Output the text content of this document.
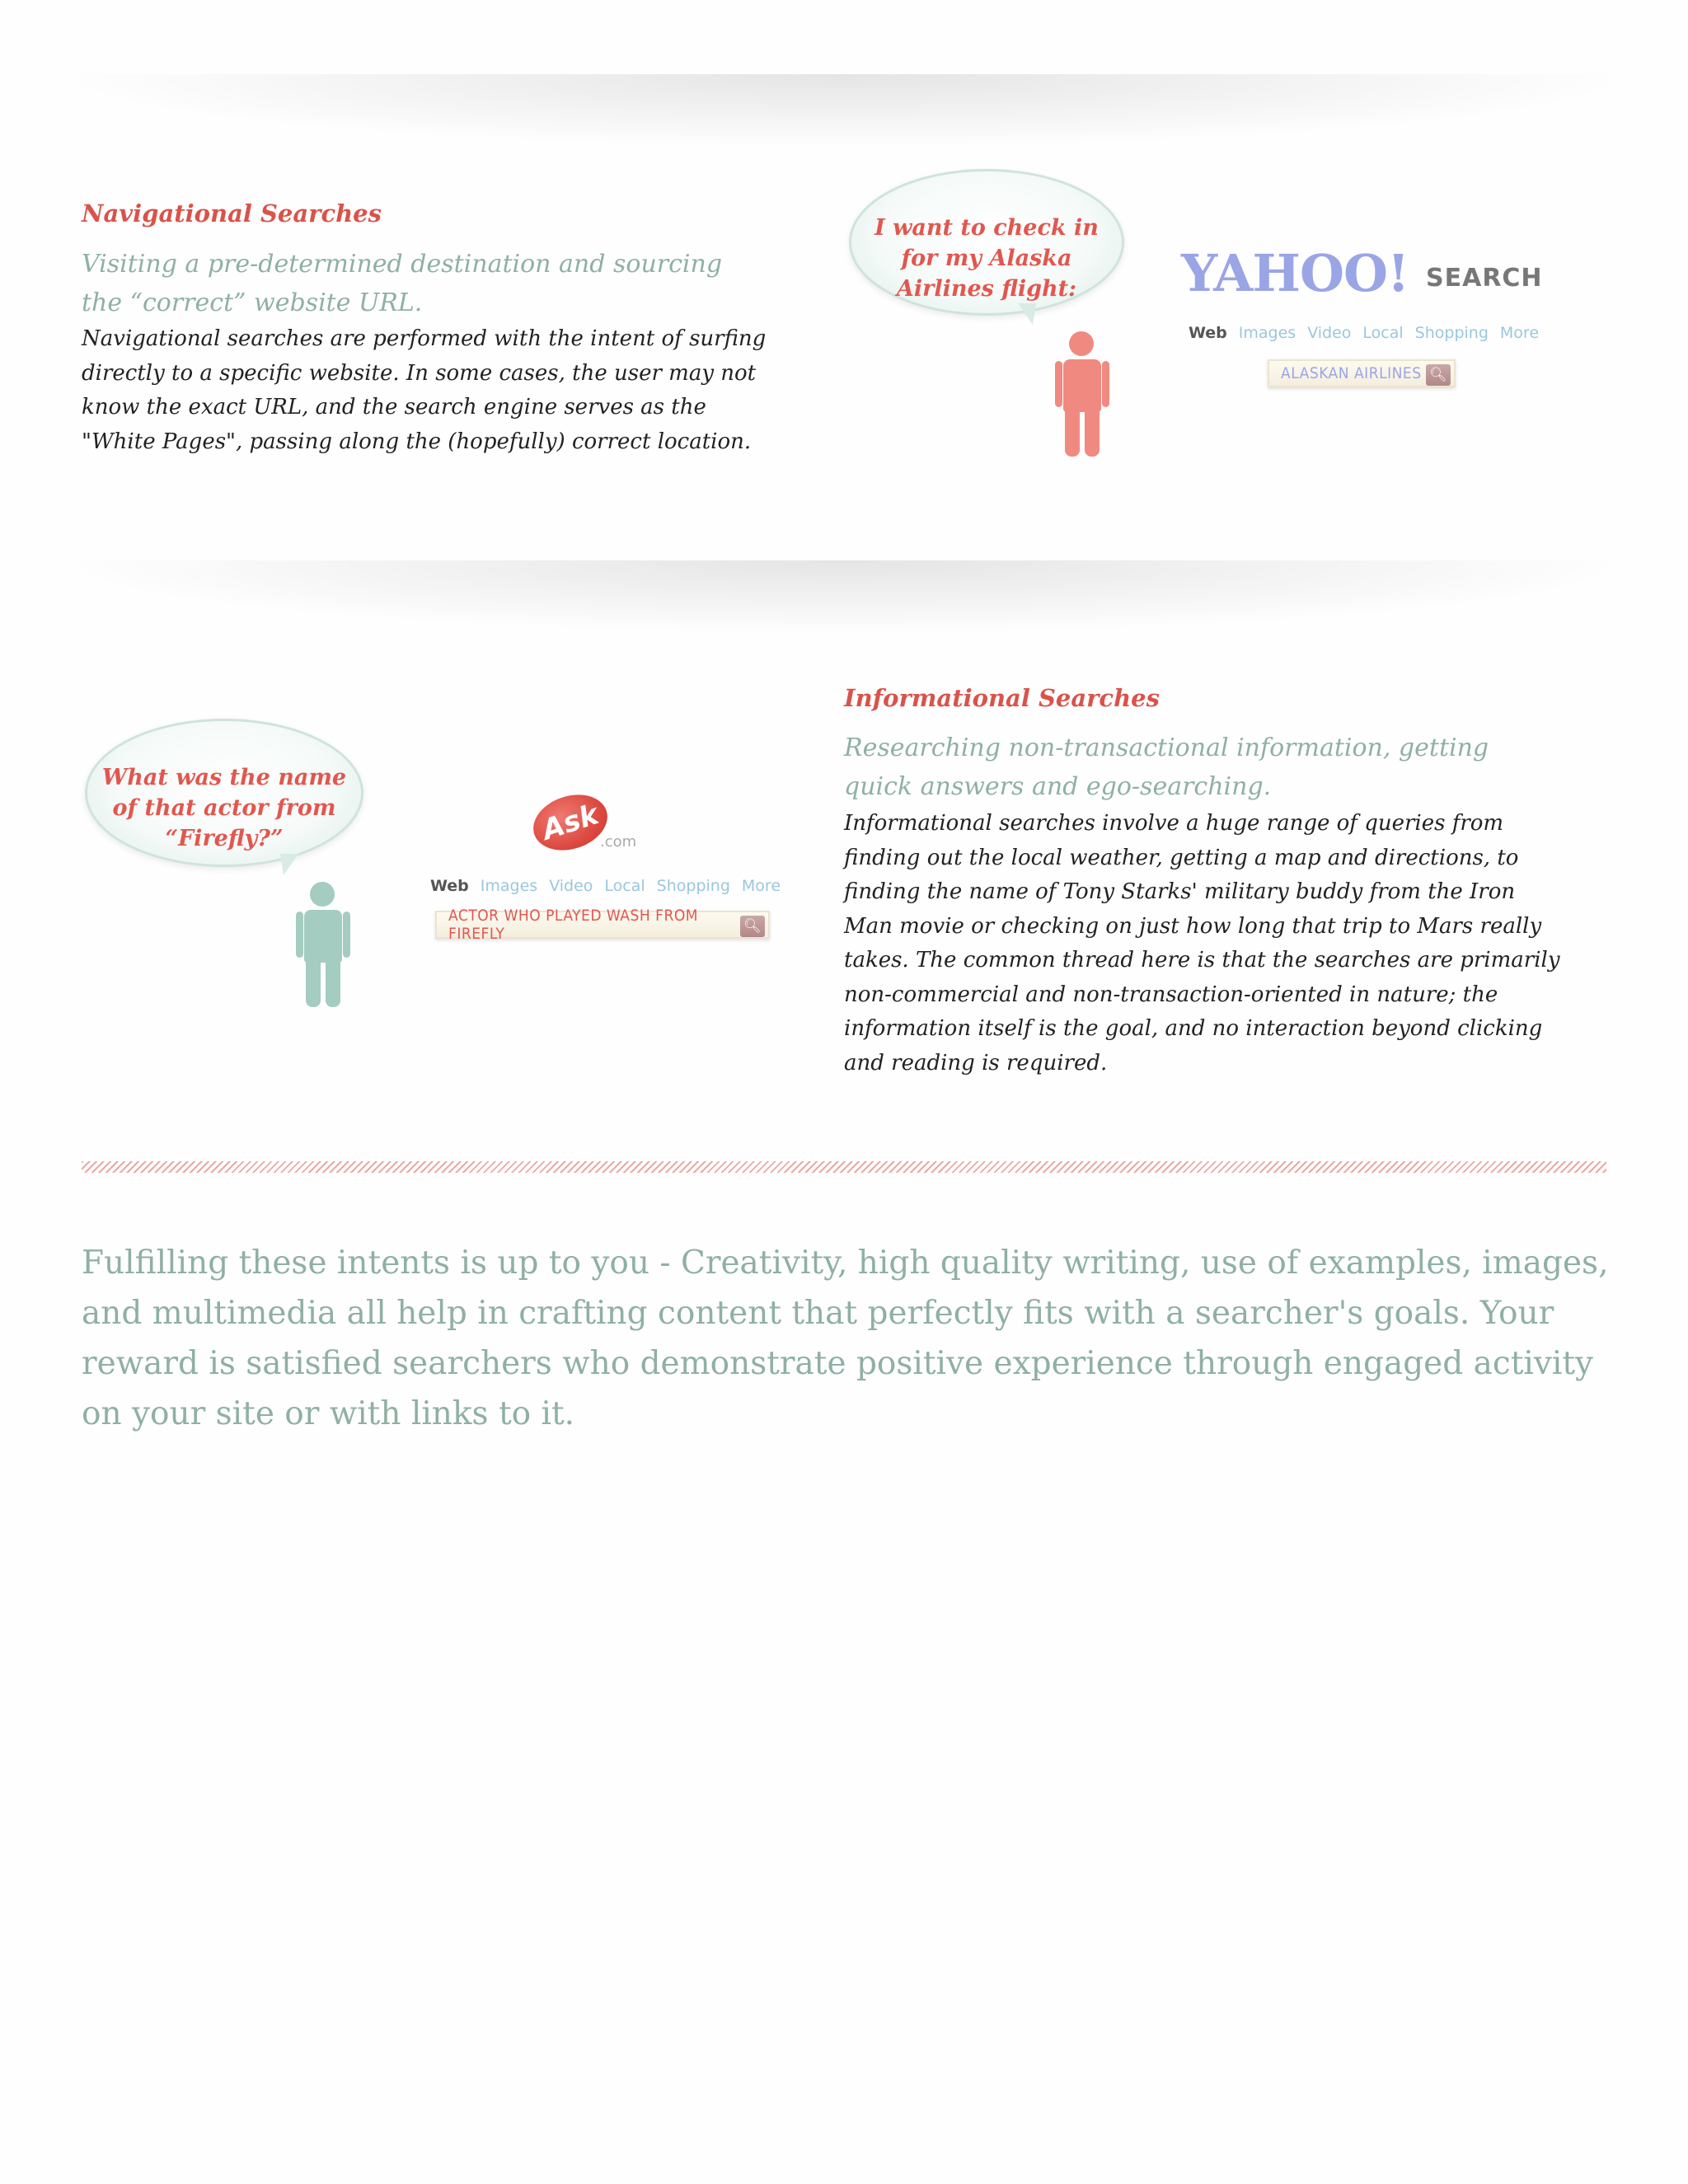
Navigational Searches

Visiting a pre-determined destination and sourcing the “correct” website URL.

Navigational searches are performed with the intent of surfing directly to a specific website. In some cases, the user may not know the exact URL, and the search engine serves as the "White Pages", passing along the (hopefully) correct location.

I want to check in for my Alaska Airlines flight:	YAHOO! SEARCH
Web Images Video Local Shopping More
ALASKAN AIRLINES 🔍︎
Informational Searches

Researching non-transactional information, getting quick answers and ego-searching.

Informational searches involve a huge range of queries from finding out the local weather, getting a map and directions, to finding the name of Tony Starks' military buddy from the Iron Man movie or checking on just how long that trip to Mars really takes. The common thread here is that the searches are primarily non-commercial and non-transaction-oriented in nature; the information itself is the goal, and no interaction beyond clicking and reading is required.

What was the name of that actor from “Firefly?”	Ask
.com
Web Images Video Local Shopping More
ACTOR WHO PLAYED WASH FROM FIREFLY	🔍︎

Fulfilling these intents is up to you - Creativity, high quality writing, use of examples, images, and multimedia all help in crafting content that perfectly fits with a searcher's goals. Your reward is satisfied searchers who demonstrate positive experience through engaged activity on your site or with links to it.
